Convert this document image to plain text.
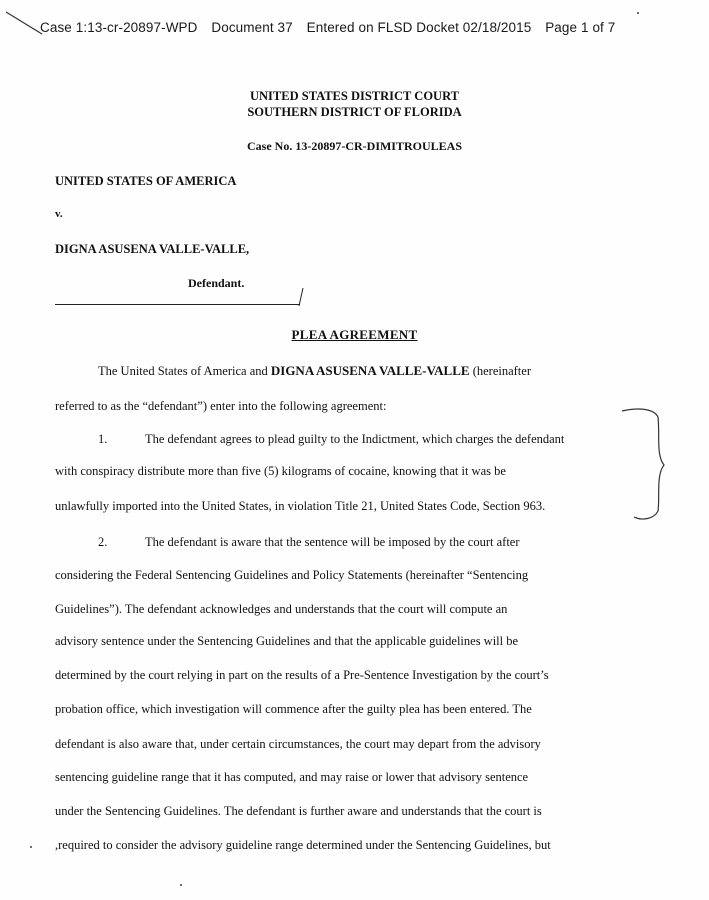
Case 1:13-cr-20897-WPD Document 37 Entered on FLSD Docket 02/18/2015 Page 1 of 7
UNITED STATES DISTRICT COURT
SOUTHERN DISTRICT OF FLORIDA
Case No. 13-20897-CR-DIMITROULEAS
UNITED STATES OF AMERICA
v.
DIGNA ASUSENA VALLE-VALLE,
Defendant.
PLEA AGREEMENT
The United States of America and DIGNA ASUSENA VALLE-VALLE (hereinafter
referred to as the “defendant”) enter into the following agreement:
1.	The defendant agrees to plead guilty to the Indictment, which charges the defendant
with conspiracy distribute more than five (5) kilograms of cocaine, knowing that it was be
unlawfully imported into the United States, in violation Title 21, United States Code, Section 963.
2.	The defendant is aware that the sentence will be imposed by the court after
considering the Federal Sentencing Guidelines and Policy Statements (hereinafter “Sentencing
Guidelines”). The defendant acknowledges and understands that the court will compute an
advisory sentence under the Sentencing Guidelines and that the applicable guidelines will be
determined by the court relying in part on the results of a Pre-Sentence Investigation by the court’s
probation office, which investigation will commence after the guilty plea has been entered. The
defendant is also aware that, under certain circumstances, the court may depart from the advisory
sentencing guideline range that it has computed, and may raise or lower that advisory sentence
under the Sentencing Guidelines. The defendant is further aware and understands that the court is
,required to consider the advisory guideline range determined under the Sentencing Guidelines, but
